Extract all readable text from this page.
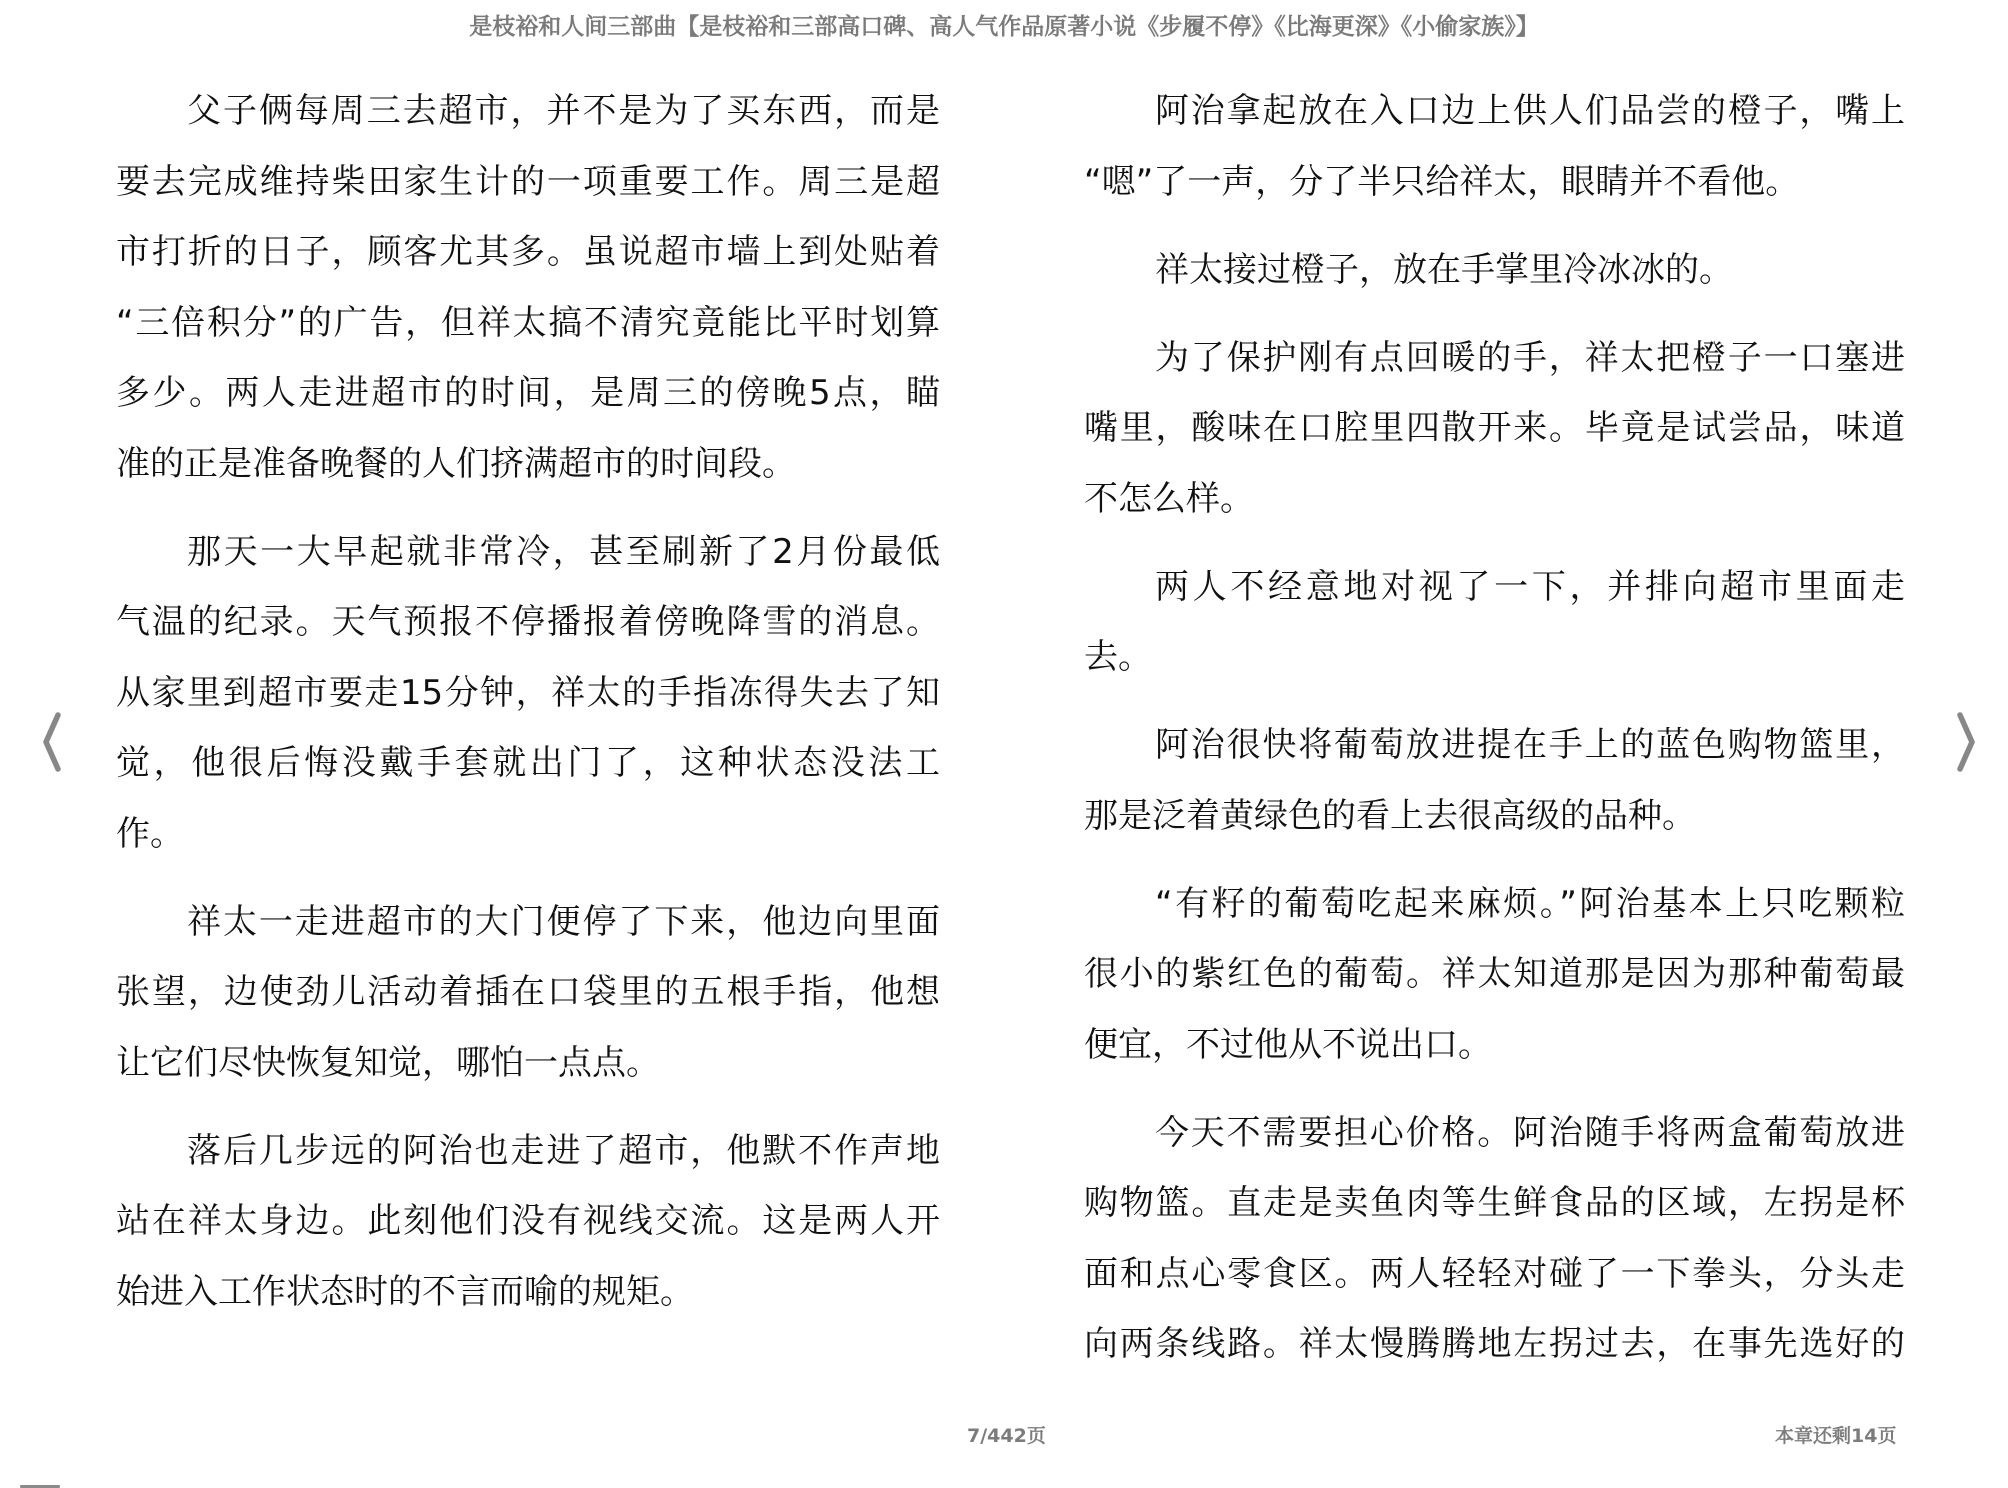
是枝裕和人间三部曲【是枝裕和三部高口碑、高人气作品原著小说《步履不停》《比海更深》《小偷家族》】
父子俩每周三去超市，并不是为了买东西，而是
要去完成维持柴田家生计的一项重要工作。周三是超
市打折的日子，顾客尤其多。虽说超市墙上到处贴着
“三倍积分”的广告，但祥太搞不清究竟能比平时划算
多少。两人走进超市的时间，是周三的傍晚5点，瞄
准的正是准备晚餐的人们挤满超市的时间段。
那天一大早起就非常冷，甚至刷新了2月份最低
气温的纪录。天气预报不停播报着傍晚降雪的消息。
从家里到超市要走15分钟，祥太的手指冻得失去了知
觉，他很后悔没戴手套就出门了，这种状态没法工
作。
祥太一走进超市的大门便停了下来，他边向里面
张望，边使劲儿活动着插在口袋里的五根手指，他想
让它们尽快恢复知觉，哪怕一点点。
落后几步远的阿治也走进了超市，他默不作声地
站在祥太身边。此刻他们没有视线交流。这是两人开
始进入工作状态时的不言而喻的规矩。
阿治拿起放在入口边上供人们品尝的橙子，嘴上
“嗯”了一声，分了半只给祥太，眼睛并不看他。
祥太接过橙子，放在手掌里冷冰冰的。
为了保护刚有点回暖的手，祥太把橙子一口塞进
嘴里，酸味在口腔里四散开来。毕竟是试尝品，味道
不怎么样。
两人不经意地对视了一下，并排向超市里面走
去。
阿治很快将葡萄放进提在手上的蓝色购物篮里，
那是泛着黄绿色的看上去很高级的品种。
“有籽的葡萄吃起来麻烦。”阿治基本上只吃颗粒
很小的紫红色的葡萄。祥太知道那是因为那种葡萄最
便宜，不过他从不说出口。
今天不需要担心价格。阿治随手将两盒葡萄放进
购物篮。直走是卖鱼肉等生鲜食品的区域，左拐是杯
面和点心零食区。两人轻轻对碰了一下拳头，分头走
向两条线路。祥太慢腾腾地左拐过去，在事先选好的
7/442页	本章还剩14页
